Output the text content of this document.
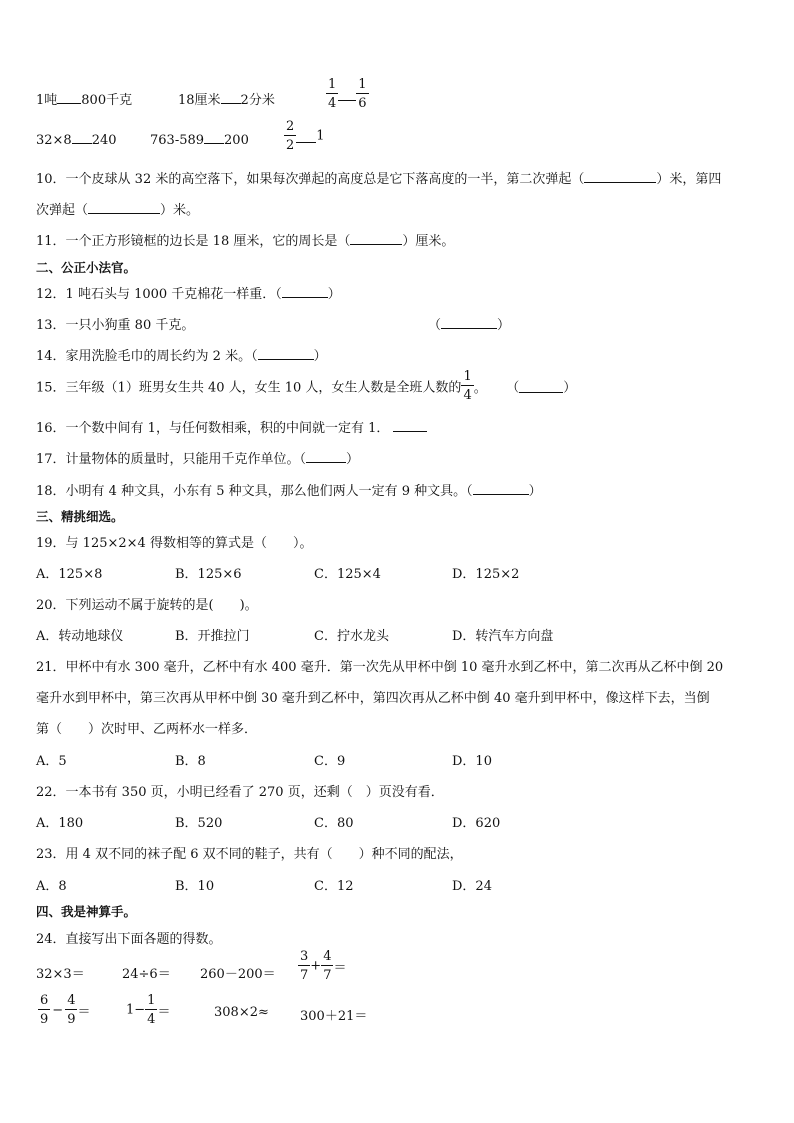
1吨 800千克	18厘米 2分米	$\frac{1}{4} \frac{1}{6}$
32×8 240	763-589 200	$\frac{2}{2} 1$
10．一个皮球从 32 米的高空落下，如果每次弹起的高度总是它下落高度的一半，第二次弹起（	）米，第四
次弹起（	）米。
11．一个正方形镜框的边长是 18 厘米，它的周长是（	）厘米。
二、公正小法官。
12．1 吨石头与 1000 千克棉花一样重．（	）
13．一只小狗重 80 千克。	（	）
14．家用洗脸毛巾的周长约为 2 米。（	）
15．三年级（1）班男女生共 40 人，女生 10 人，女生人数是全班人数的 $\frac{1}{4}$ 。 （	）
16．一个数中间有 1，与任何数相乘，积的中间就一定有 1．
17．计量物体的质量时，只能用千克作单位。（	）
18．小明有 4 种文具，小东有 5 种文具，那么他们两人一定有 9 种文具。（	）
三、精挑细选。
19．与 125×2×4 得数相等的算式是（　　）。
A．125×8	B．125×6	C．125×4	D．125×2
20．下列运动不属于旋转的是(　　)。
A．转动地球仪	B．开推拉门	C．拧水龙头	D．转汽车方向盘
21．甲杯中有水 300 毫升，乙杯中有水 400 毫升．第一次先从甲杯中倒 10 毫升水到乙杯中，第二次再从乙杯中倒 20
毫升水到甲杯中，第三次再从甲杯中倒 30 毫升到乙杯中，第四次再从乙杯中倒 40 毫升到甲杯中，像这样下去，当倒
第（　　）次时甲、乙两杯水一样多．
A．5	B．8	C．9	D．10
22．一本书有 350 页，小明已经看了 270 页，还剩（　）页没有看．
A．180	B．520	C．80	D．620
23．用 4 双不同的袜子配 6 双不同的鞋子，共有（　　）种不同的配法，
A．8	B．10	C．12	D．24
四、我是神算手。
24．直接写出下面各题的得数。
32×3＝	$24\div 6= 260-200= \frac{3}{7} + \frac{4}{7}$ ＝
$\frac{6}{9} - \frac{4}{9}$ ＝	$1- \frac{1}{4}$ ＝	308×2≈ 300＋21＝
